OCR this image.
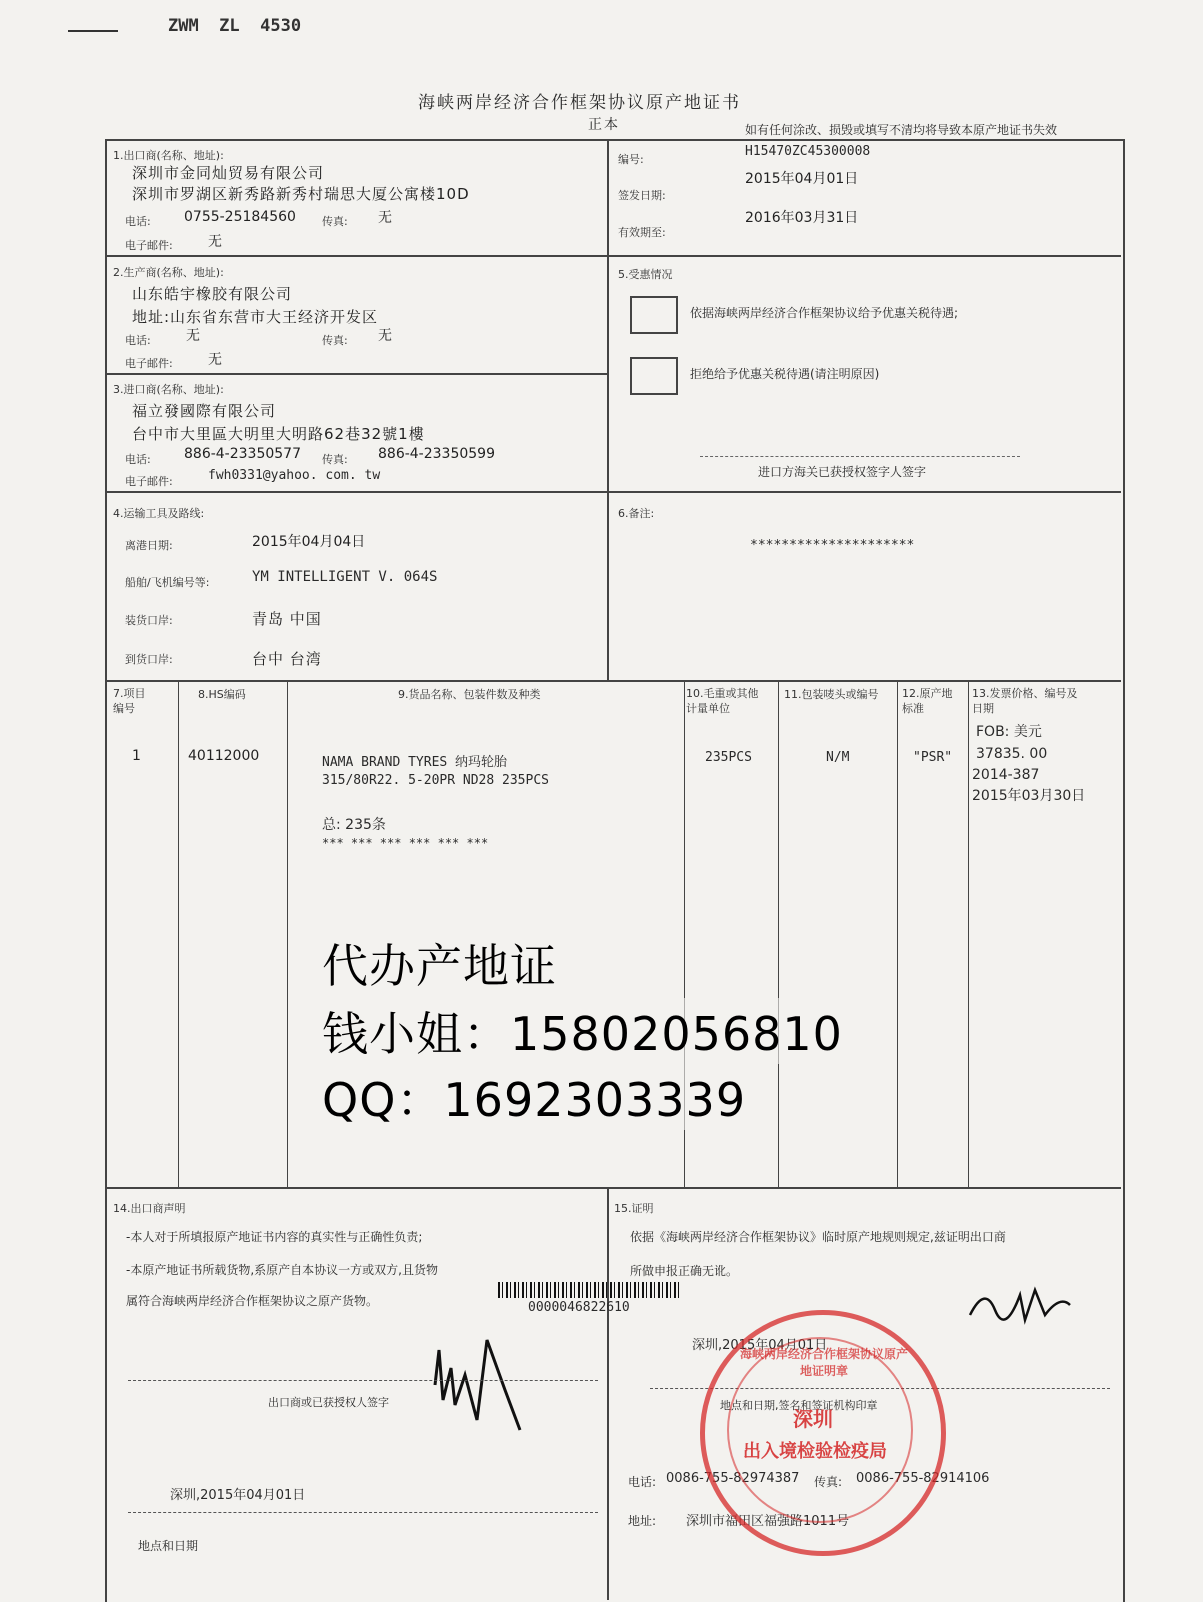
ZWM  ZL  4530
海峡两岸经济合作框架协议原产地证书
正本	如有任何涂改、损毁或填写不清均将导致本原产地证书失效
1.出口商(名称、地址):
深圳市金同灿贸易有限公司
深圳市罗湖区新秀路新秀村瑞思大厦公寓楼10D
电话: 0755-25184560 传真: 无
电子邮件:	无
编号:
H15470ZC45300008
签发日期:
2015年04月01日
有效期至:
2016年03月31日
2.生产商(名称、地址):
山东皓宇橡胶有限公司
地址:山东省东营市大王经济开发区
电话:	无	传真: 无
电子邮件:	无
5.受惠情况
依据海峡两岸经济合作框架协议给予优惠关税待遇;
拒绝给予优惠关税待遇(请注明原因)
进口方海关已获授权签字人签字
3.进口商(名称、地址):
福立發國際有限公司
台中市大里區大明里大明路62巷32號1樓
电话: 886-4-23350577 传真: 886-4-23350599
电子邮件:	fwh0331@yahoo. com. tw
4.运输工具及路线:
离港日期:	2015年04月04日
船舶/飞机编号等:	YM INTELLIGENT V. 064S
装货口岸:	青岛 中国
到货口岸:	台中 台湾
6.备注:
*********************
7.项目
编号
8.HS编码	9.货品名称、包装件数及种类	10.毛重或其他
计量单位
11.包装唛头或编号 12.原产地
标准
13.发票价格、编号及
日期
1	40112000	NAMA BRAND TYRES 纳玛轮胎
315/80R22. 5-20PR ND28 235PCS
总: 235条
*** *** *** *** *** ***
235PCS	N/M	"PSR"
FOB: 美元
37835. 00
2014-387
2015年03月30日
代办产地证
钱小姐：15802056810
QQ：1692303339
14.出口商声明
-本人对于所填报原产地证书内容的真实性与正确性负责;
-本原产地证书所载货物,系原产自本协议一方或双方,且货物
属符合海峡两岸经济合作框架协议之原产货物。
出口商或已获授权人签字
深圳,2015年04月01日
地点和日期
15.证明
依据《海峡两岸经济合作框架协议》临时原产地规则规定,兹证明出口商
所做申报正确无讹。
0000046822610
深圳,2015年04月01日
地点和日期,签名和签证机构印章
电话: 0086-755-82974387 传真: 0086-755-82914106
地址: 深圳市福田区福强路1011号
海峡两岸经济合作框架协议原产地证明章
深圳
出入境检验检疫局
